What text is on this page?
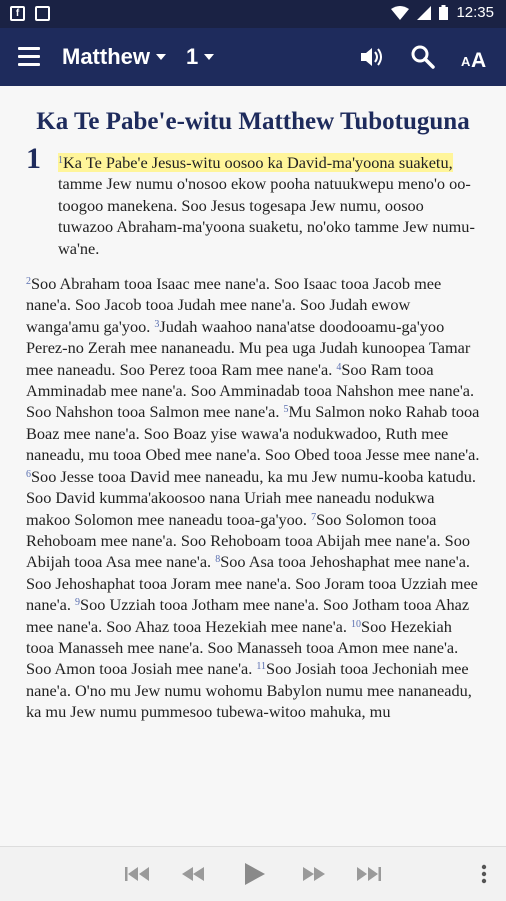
f	12:35
Matthew 1	A A
Ka Te Pabe'e-witu Matthew Tubotuguna
1 $^1$Ka Te Pabe'e Jesus-witu oosoo ka David-ma'yoona suaketu, tamme Jew numu o'nosoo ekow pooha natuukwepu meno'o oo-toogoo manekena. Soo Jesus togesapa Jew numu, oosoo tuwazoo Abraham-ma'yoona suaketu, no'oko tamme Jew numu-wa'ne.
$^2$Soo Abraham tooa Isaac mee nane'a. Soo Isaac tooa Jacob mee nane'a. Soo Jacob tooa Judah mee nane'a. Soo Judah ewow wanga'amu ga'yoo. $^3$Judah waahoo nana'atse doodooamu-ga'yoo Perez-no Zerah mee nananeadu. Mu pea uga Judah kunoopea Tamar mee naneadu. Soo Perez tooa Ram mee nane'a. $^4$Soo Ram tooa Amminadab mee nane'a. Soo Amminadab tooa Nahshon mee nane'a. Soo Nahshon tooa Salmon mee nane'a. $^5$Mu Salmon noko Rahab tooa Boaz mee nane'a. Soo Boaz yise wawa'a nodukwadoo, Ruth mee naneadu, mu tooa Obed mee nane'a. Soo Obed tooa Jesse mee nane'a. $^6$Soo Jesse tooa David mee naneadu, ka mu Jew numu-kooba katudu. Soo David kumma'akoosoo nana Uriah mee naneadu nodukwa makoo Solomon mee naneadu tooa-ga'yoo. $^7$Soo Solomon tooa Rehoboam mee nane'a. Soo Rehoboam tooa Abijah mee nane'a. Soo Abijah tooa Asa mee nane'a. $^8$Soo Asa tooa Jehoshaphat mee nane'a. Soo Jehoshaphat tooa Joram mee nane'a. Soo Joram tooa Uzziah mee nane'a. $^9$Soo Uzziah tooa Jotham mee nane'a. Soo Jotham tooa Ahaz mee nane'a. Soo Ahaz tooa Hezekiah mee nane'a. $^{10}$Soo Hezekiah tooa Manasseh mee nane'a. Soo Manasseh tooa Amon mee nane'a. Soo Amon tooa Josiah mee nane'a. $^{11}$Soo Josiah tooa Jechoniah mee nane'a. O'no mu Jew numu wohomu Babylon numu mee nananeadu, ka mu Jew numu pummesoo tubewa-witoo mahuka, mu
